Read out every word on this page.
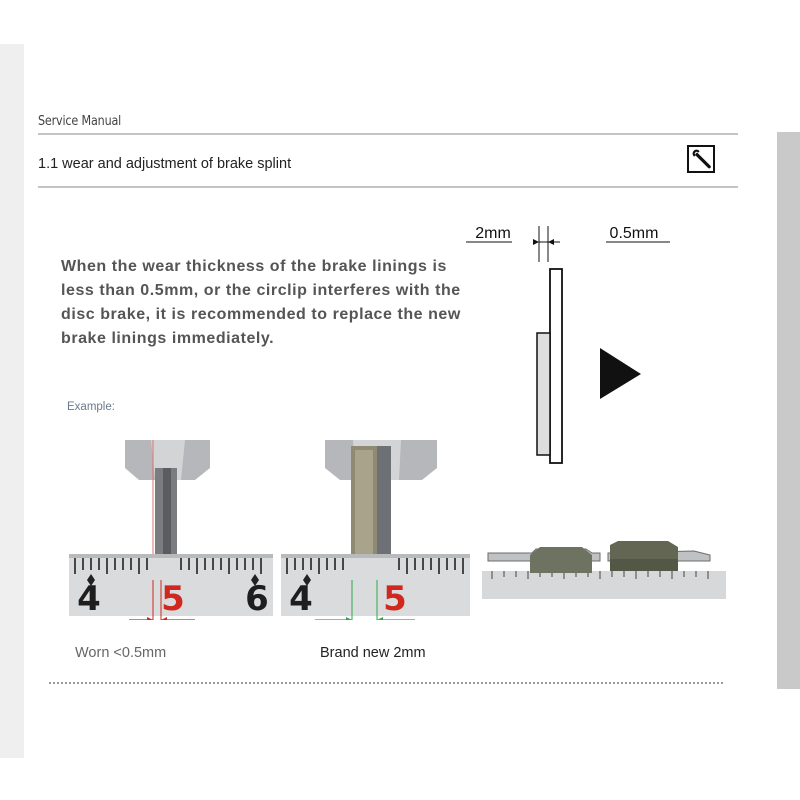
Service Manual
1.1 wear and adjustment of brake splint

When the wear thickness of the brake linings is less than 0.5mm, or the circlip interferes with the disc brake, it is recommended to replace the new brake linings immediately.

Example:
2mm	0.5mm
4 5 6 4 5
Worn <0.5mm	Brand new 2mm
